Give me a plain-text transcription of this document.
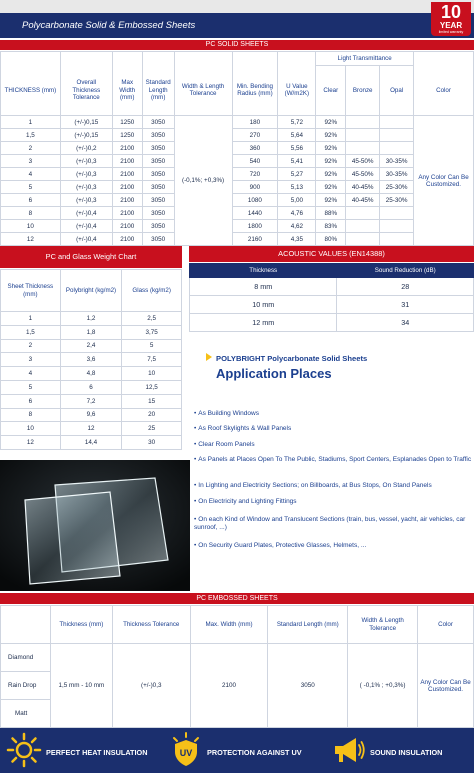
Polycarbonate Solid & Embossed Sheets
10
YEAR
limited warranty
PC SOLID SHEETS
							Light Transmittance			
THICKNESS (mm)	Overall Thickness Tolerance	Max Width (mm)	Standard Length (mm)	Width & Length Tolerance	Min. Bending Radius (mm)	U Value (W/m2K)	Clear	Bronze	Opal	Color
1	(+/-)0,15	1250	3050	(-0,1%; +0,3%)	180	5,72	92%			Any Color Can Be Customized.
1,5	(+/-)0,15	1250	3050		270	5,64	92%			
2	(+/-)0,2	2100	3050		360	5,56	92%			
3	(+/-)0,3	2100	3050		540	5,41	92%	45-50%	30-35%	
4	(+/-)0,3	2100	3050		720	5,27	92%	45-50%	30-35%	
5	(+/-)0,3	2100	3050		900	5,13	92%	40-45%	25-30%	
6	(+/-)0,3	2100	3050		1080	5,00	92%	40-45%	25-30%	
8	(+/-)0,4	2100	3050		1440	4,76	88%			
10	(+/-)0,4	2100	3050		1800	4,62	83%			
12	(+/-)0,4	2100	3050		2160	4,35	80%			
PC and Glass Weight Chart
Sheet Thickness (mm)	Polybright (kg/m2)	Glass (kg/m2)
1	1,2	2,5
1,5	1,8	3,75
2	2,4	5
3	3,6	7,5
4	4,8	10
5	6	12,5
6	7,2	15
8	9,6	20
10	12	25
12	14,4	30
ACOUSTIC VALUES (EN14388)
Thickness	Sound Reduction (dB)
8 mm	28
10 mm	31
12 mm	34
POLYBRIGHT Polycarbonate Solid Sheets
Application Places
• As Building Windows
• As Roof Skylights & Wall Panels
• Clear Room Panels
• As Panels at Places Open To The Public, Stadiums, Sport Centers, Esplanades Open to Traffic
• In Lighting and Electricity Sections; on Billboards, at Bus Stops, On Stand Panels
• On Electricity and Lighting Fittings
• On each Kind of Window and Translucent Sections (train, bus, vessel, yacht, air vehicles, car sunroof, ...)
• On Security Guard Plates, Protective Glasses, Helmets, ...
PC EMBOSSED SHEETS
	Thickness (mm)	Thickness Tolerance	Max. Width (mm)	Standard Length (mm)	Width & Length Tolerance	Color
Diamond	1,5 mm - 10 mm	(+/-)0,3	2100	3050	( -0,1% ; +0,3%)	Any Color Can Be Customized.
Rain Drop						
Matt						
PERFECT HEAT INSULATION	UV PROTECTION AGAINST UV	SOUND INSULATION
